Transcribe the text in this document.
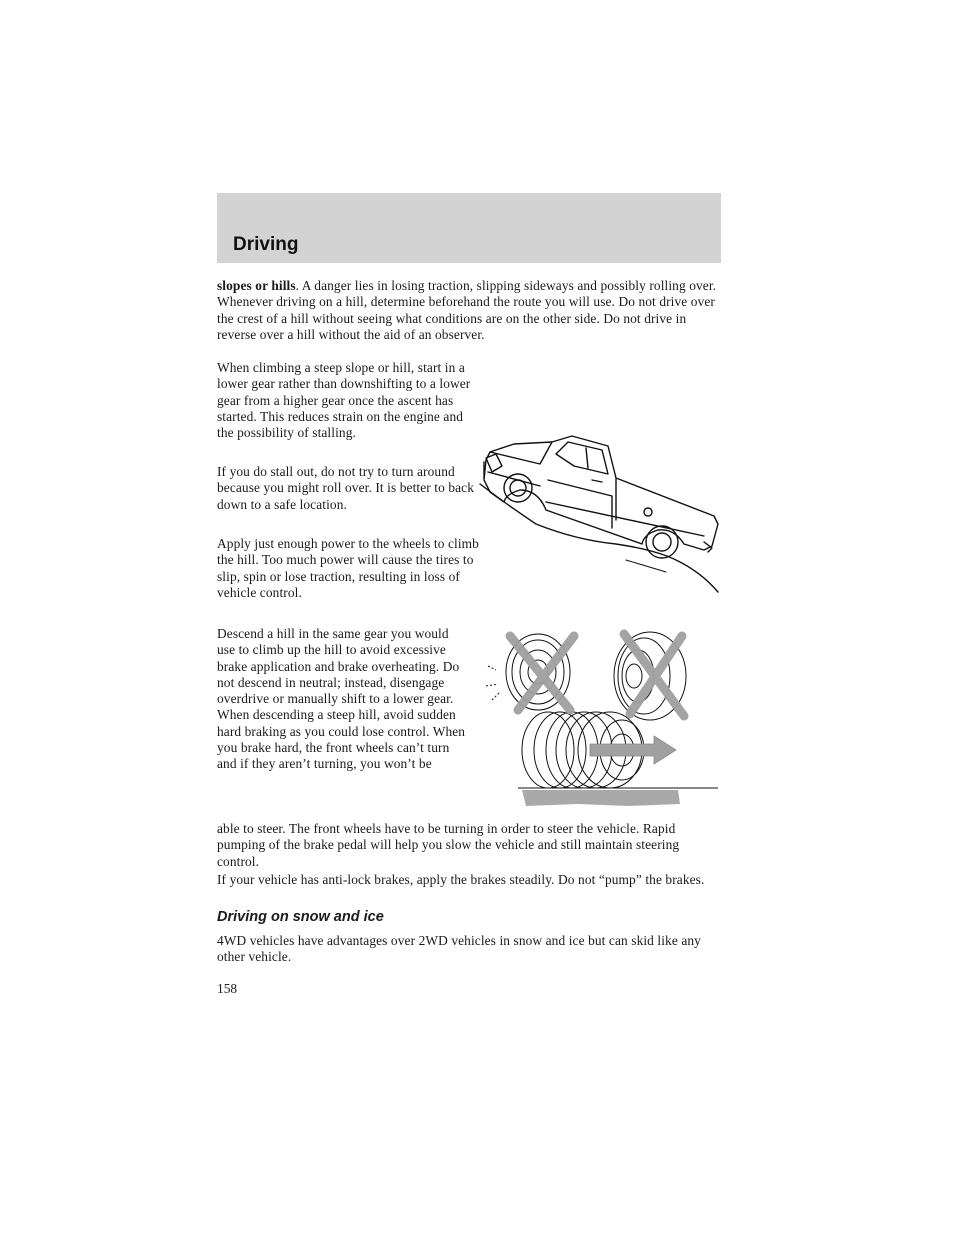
Driving

slopes or hills. A danger lies in losing traction, slipping sideways and possibly rolling over. Whenever driving on a hill, determine beforehand the route you will use. Do not drive over the crest of a hill without seeing what conditions are on the other side. Do not drive in reverse over a hill without the aid of an observer.

When climbing a steep slope or hill, start in a lower gear rather than downshifting to a lower gear from a higher gear once the ascent has started. This reduces strain on the engine and the possibility of stalling.

If you do stall out, do not try to turn around because you might roll over. It is better to back down to a safe location.

Apply just enough power to the wheels to climb the hill. Too much power will cause the tires to slip, spin or lose traction, resulting in loss of vehicle control.

Descend a hill in the same gear you would use to climb up the hill to avoid excessive brake application and brake overheating. Do not descend in neutral; instead, disengage overdrive or manually shift to a lower gear. When descending a steep hill, avoid sudden hard braking as you could lose control. When you brake hard, the front wheels can’t turn and if they aren’t turning, you won’t be

able to steer. The front wheels have to be turning in order to steer the vehicle. Rapid pumping of the brake pedal will help you slow the vehicle and still maintain steering control.

If your vehicle has anti-lock brakes, apply the brakes steadily. Do not “pump” the brakes.

Driving on snow and ice

4WD vehicles have advantages over 2WD vehicles in snow and ice but can skid like any other vehicle.

158
